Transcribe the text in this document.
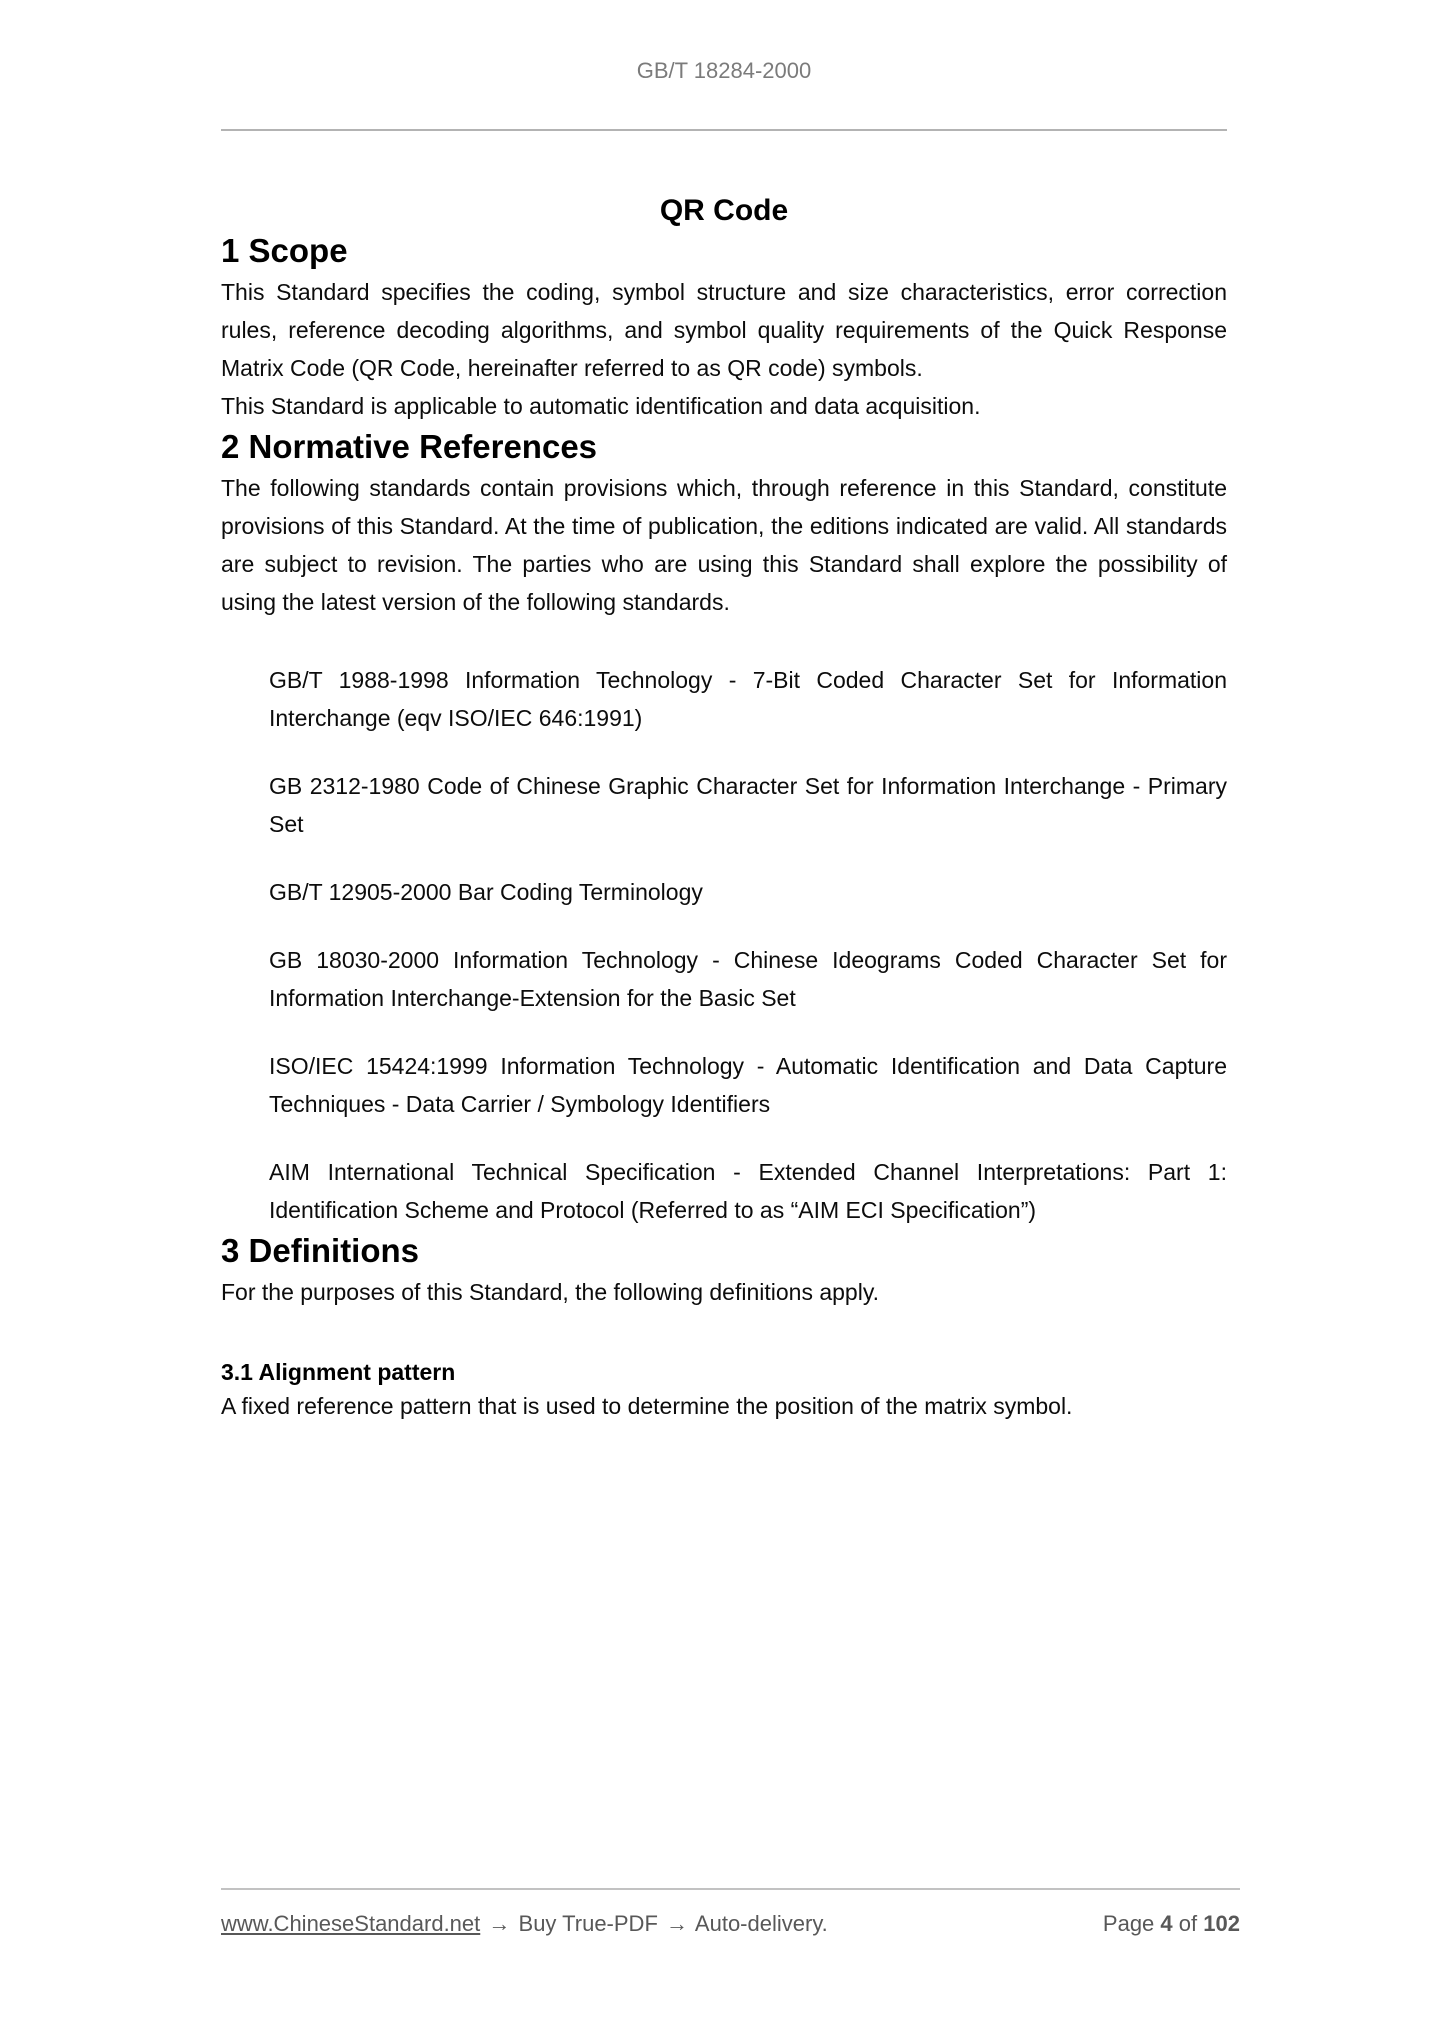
GB/T 18284-2000
QR Code
1 Scope

This Standard specifies the coding, symbol structure and size characteristics, error correction rules, reference decoding algorithms, and symbol quality requirements of the Quick Response Matrix Code (QR Code, hereinafter referred to as QR code) symbols.

This Standard is applicable to automatic identification and data acquisition.

2 Normative References

The following standards contain provisions which, through reference in this Standard, constitute provisions of this Standard. At the time of publication, the editions indicated are valid. All standards are subject to revision. The parties who are using this Standard shall explore the possibility of using the latest version of the following standards.

GB/T 1988-1998 Information Technology - 7-Bit Coded Character Set for Information Interchange (eqv ISO/IEC 646:1991)

GB 2312-1980 Code of Chinese Graphic Character Set for Information Interchange - Primary Set

GB/T 12905-2000 Bar Coding Terminology

GB 18030-2000 Information Technology - Chinese Ideograms Coded Character Set for Information Interchange-Extension for the Basic Set

ISO/IEC 15424:1999 Information Technology - Automatic Identification and Data Capture Techniques - Data Carrier / Symbology Identifiers

AIM International Technical Specification - Extended Channel Interpretations: Part 1: Identification Scheme and Protocol (Referred to as “AIM ECI Specification”)

3 Definitions

For the purposes of this Standard, the following definitions apply.

3.1 Alignment pattern

A fixed reference pattern that is used to determine the position of the matrix symbol.

www.ChineseStandard.net → Buy True-PDF → Auto-delivery.	Page 4 of 102
